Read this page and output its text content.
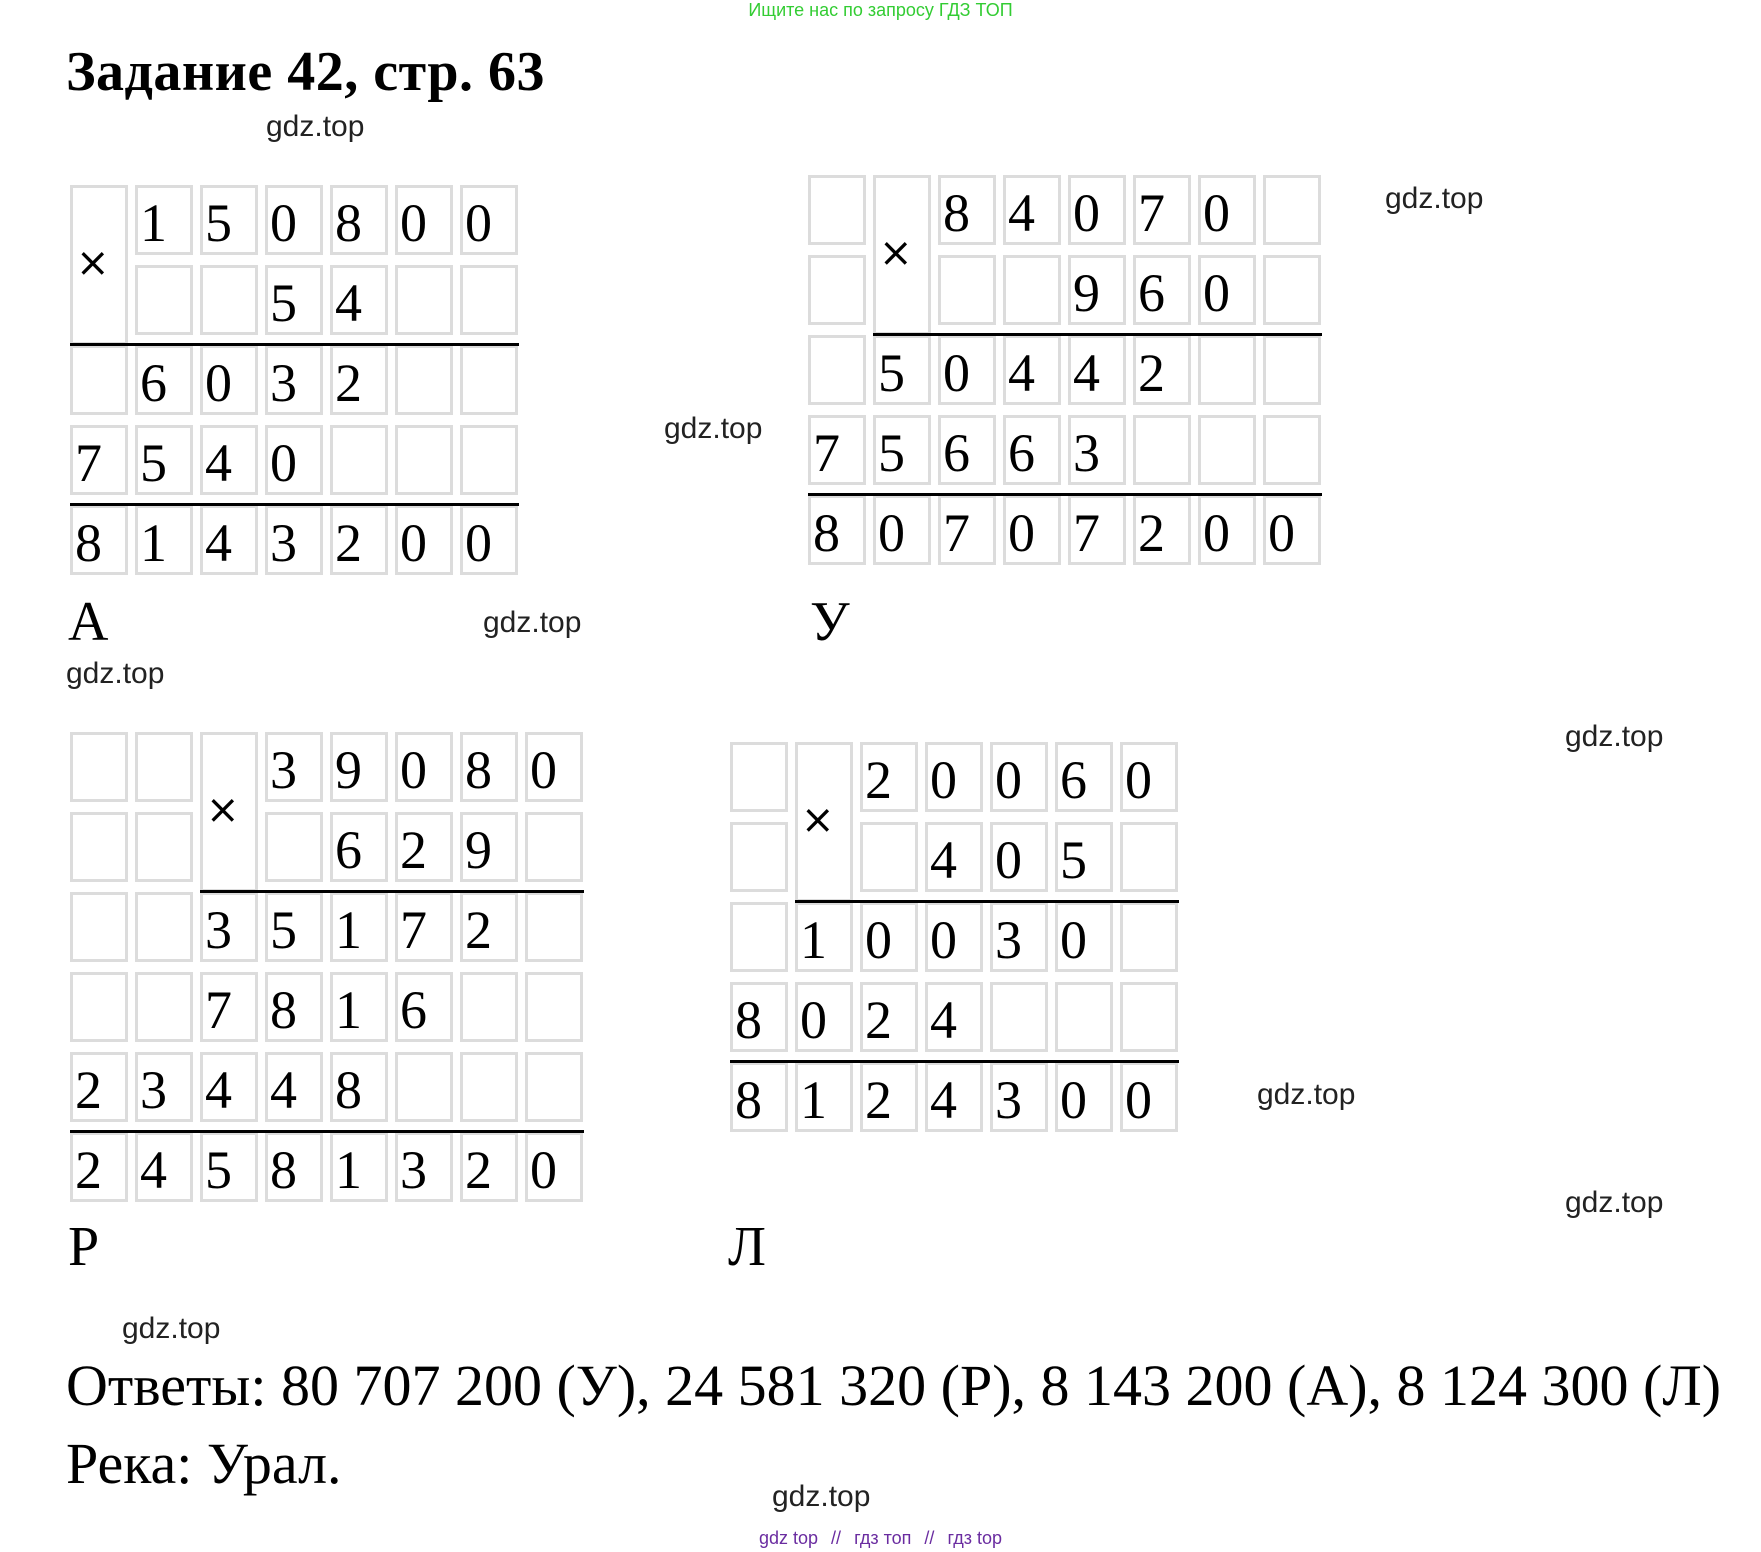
Ищите нас по запросу ГДЗ ТОП
Задание 42, стр. 63
gdz.top
gdz.top
gdz.top
gdz.top
gdz.top
gdz.top
gdz.top
gdz.top
gdz.top
gdz.top
1 5 0 8 0 0
5 4
6 0 3 2
7 5 4 0
8 1 4 3 2 0 0
×
А
8 4 0 7 0
9 6 0
5 0 4 4 2
7 5 6 6 3
8 0 7 0 7 2 0 0
×
У
3 9 0 8 0
6 2 9
3 5 1 7 2
7 8 1 6
2 3 4 4 8
2 4 5 8 1 3 2 0
×
Р
2 0 0 6 0
4 0 5
1 0 0 3 0
8 0 2 4
8 1 2 4 3 0 0
×
Л
Ответы: 80 707 200 (У), 24 581 320 (Р), 8 143 200 (А), 8 124 300 (Л)
Река: Урал.
gdz top // гдз топ // гдз top
